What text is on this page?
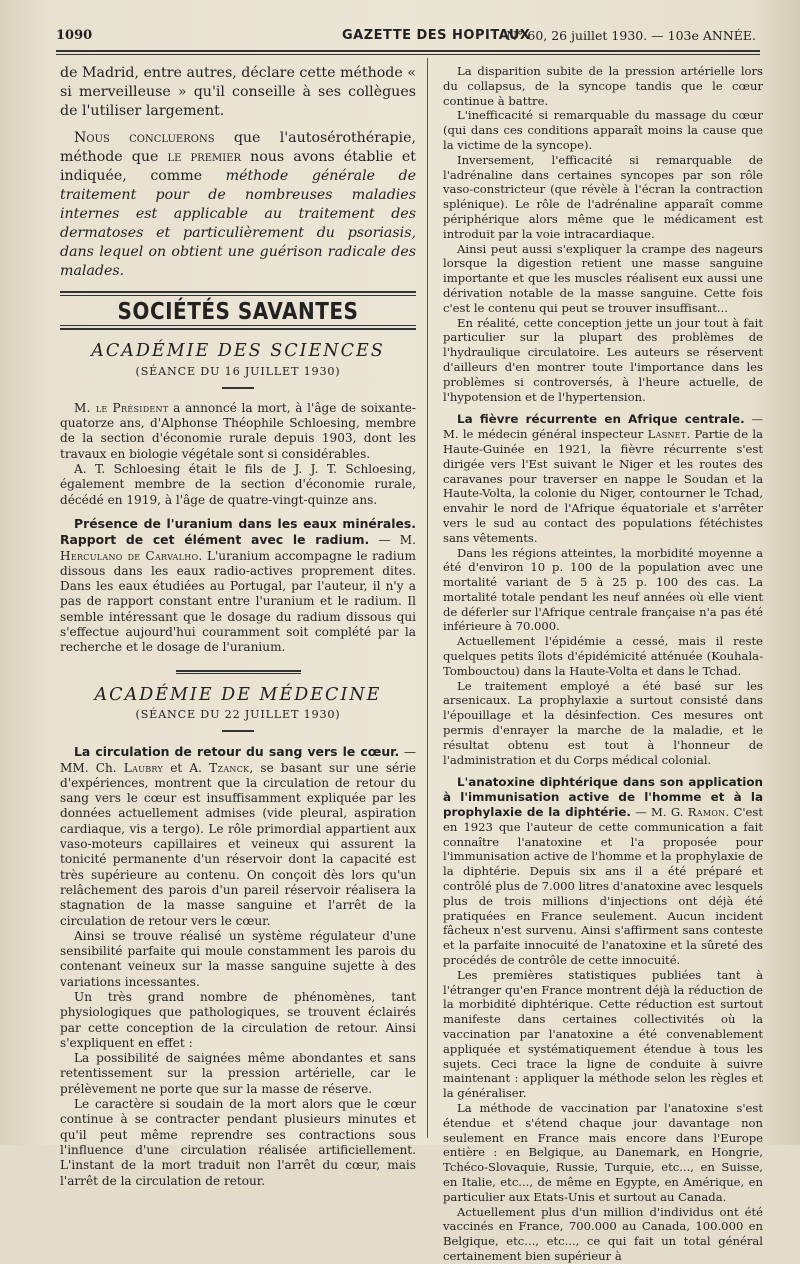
1090	GAZETTE DES HOPITAUX
N° 60, 26 juillet 1930. — 103e ANNÉE.

de Madrid, entre autres, déclare cette méthode « si merveilleuse » qu'il conseille à ses collègues de l'utiliser largement.

Nous concluerons que l'autosérothérapie, méthode que le premier nous avons établie et indiquée, comme méthode générale de traitement pour de nombreuses maladies internes est applicable au traitement des dermatoses et particulièrement du psoriasis, dans lequel on obtient une guérison radicale des malades.

SOCIÉTÉS SAVANTES
ACADÉMIE DES SCIENCES
(SÉANCE DU 16 JUILLET 1930)

M. le Président a annoncé la mort, à l'âge de soixante-quatorze ans, d'Alphonse Théophile Schloesing, membre de la section d'économie rurale depuis 1903, dont les travaux en biologie végétale sont si considérables.

A. T. Schloesing était le fils de J. J. T. Schloesing, également membre de la section d'économie rurale, décédé en 1919, à l'âge de quatre-vingt-quinze ans.

Présence de l'uranium dans les eaux minérales. Rapport de cet élément avec le radium. — M. Herculano de Carvalho. L'uranium accompagne le radium dissous dans les eaux radio-actives proprement dites. Dans les eaux étudiées au Portugal, par l'auteur, il n'y a pas de rapport constant entre l'uranium et le radium. Il semble intéressant que le dosage du radium dissous qui s'effectue aujourd'hui couramment soit complété par la recherche et le dosage de l'uranium.

ACADÉMIE DE MÉDECINE
(SÉANCE DU 22 JUILLET 1930)

La circulation de retour du sang vers le cœur. — MM. Ch. Laubry et A. Tzanck, se basant sur une série d'expériences, montrent que la circulation de retour du sang vers le cœur est insuffisamment expliquée par les données actuellement admises (vide pleural, aspiration cardiaque, vis a tergo). Le rôle primordial appartient aux vaso-moteurs capillaires et veineux qui assurent la tonicité permanente d'un réservoir dont la capacité est très supérieure au contenu. On conçoit dès lors qu'un relâchement des parois d'un pareil réservoir réalisera la stagnation de la masse sanguine et l'arrêt de la circulation de retour vers le cœur.

Ainsi se trouve réalisé un système régulateur d'une sensibilité parfaite qui moule constamment les parois du contenant veineux sur la masse sanguine sujette à des variations incessantes.

Un très grand nombre de phénomènes, tant physiologiques que pathologiques, se trouvent éclairés par cette conception de la circulation de retour. Ainsi s'expliquent en effet :

La possibilité de saignées même abondantes et sans retentissement sur la pression artérielle, car le prélèvement ne porte que sur la masse de réserve.

Le caractère si soudain de la mort alors que le cœur continue à se contracter pendant plusieurs minutes et qu'il peut même reprendre ses contractions sous l'influence d'une circulation réalisée artificiellement. L'instant de la mort traduit non l'arrêt du cœur, mais l'arrêt de la circulation de retour.

La disparition subite de la pression artérielle lors du collapsus, de la syncope tandis que le cœur continue à battre.

L'inefficacité si remarquable du massage du cœur (qui dans ces conditions apparaît moins la cause que la victime de la syncope).

Inversement, l'efficacité si remarquable de l'adrénaline dans certaines syncopes par son rôle vaso-constricteur (que révèle à l'écran la contraction splénique). Le rôle de l'adrénaline apparaît comme périphérique alors même que le médicament est introduit par la voie intracardiaque.

Ainsi peut aussi s'expliquer la crampe des nageurs lorsque la digestion retient une masse sanguine importante et que les muscles réalisent eux aussi une dérivation notable de la masse sanguine. Cette fois c'est le contenu qui peut se trouver insuffisant...

En réalité, cette conception jette un jour tout à fait particulier sur la plupart des problèmes de l'hydraulique circulatoire. Les auteurs se réservent d'ailleurs d'en montrer toute l'importance dans les problèmes si controversés, à l'heure actuelle, de l'hypotension et de l'hypertension.

La fièvre récurrente en Afrique centrale. — M. le médecin général inspecteur Lasnet. Partie de la Haute-Guinée en 1921, la fièvre récurrente s'est dirigée vers l'Est suivant le Niger et les routes des caravanes pour traverser en nappe le Soudan et la Haute-Volta, la colonie du Niger, contourner le Tchad, envahir le nord de l'Afrique équatoriale et s'arrêter vers le sud au contact des populations fétéchistes sans vêtements.

Dans les régions atteintes, la morbidité moyenne a été d'environ 10 p. 100 de la population avec une mortalité variant de 5 à 25 p. 100 des cas. La mortalité totale pendant les neuf années où elle vient de déferler sur l'Afrique centrale française n'a pas été inférieure à 70.000.

Actuellement l'épidémie a cessé, mais il reste quelques petits îlots d'épidémicité atténuée (Kouhala-Tombouctou) dans la Haute-Volta et dans le Tchad.

Le traitement employé a été basé sur les arsenicaux. La prophylaxie a surtout consisté dans l'épouillage et la désinfection. Ces mesures ont permis d'enrayer la marche de la maladie, et le résultat obtenu est tout à l'honneur de l'administration et du Corps médical colonial.

L'anatoxine diphtérique dans son application à l'immunisation active de l'homme et à la prophylaxie de la diphtérie. — M. G. Ramon. C'est en 1923 que l'auteur de cette communication a fait connaître l'anatoxine et l'a proposée pour l'immunisation active de l'homme et la prophylaxie de la diphtérie. Depuis six ans il a été préparé et contrôlé plus de 7.000 litres d'anatoxine avec lesquels plus de trois millions d'injections ont déjà été pratiquées en France seulement. Aucun incident fâcheux n'est survenu. Ainsi s'affirment sans conteste et la parfaite innocuité de l'anatoxine et la sûreté des procédés de contrôle de cette innocuité.

Les premières statistiques publiées tant à l'étranger qu'en France montrent déjà la réduction de la morbidité diphtérique. Cette réduction est surtout manifeste dans certaines collectivités où la vaccination par l'anatoxine a été convenablement appliquée et systématiquement étendue à tous les sujets. Ceci trace la ligne de conduite à suivre maintenant : appliquer la méthode selon les règles et la généraliser.

La méthode de vaccination par l'anatoxine s'est étendue et s'étend chaque jour davantage non seulement en France mais encore dans l'Europe entière : en Belgique, au Danemark, en Hongrie, Tchéco-Slovaquie, Russie, Turquie, etc..., en Suisse, en Italie, etc..., de même en Egypte, en Amérique, en particulier aux Etats-Unis et surtout au Canada.

Actuellement plus d'un million d'individus ont été vaccinés en France, 700.000 au Canada, 100.000 en Belgique, etc..., etc..., ce qui fait un total général certainement bien supérieur à
